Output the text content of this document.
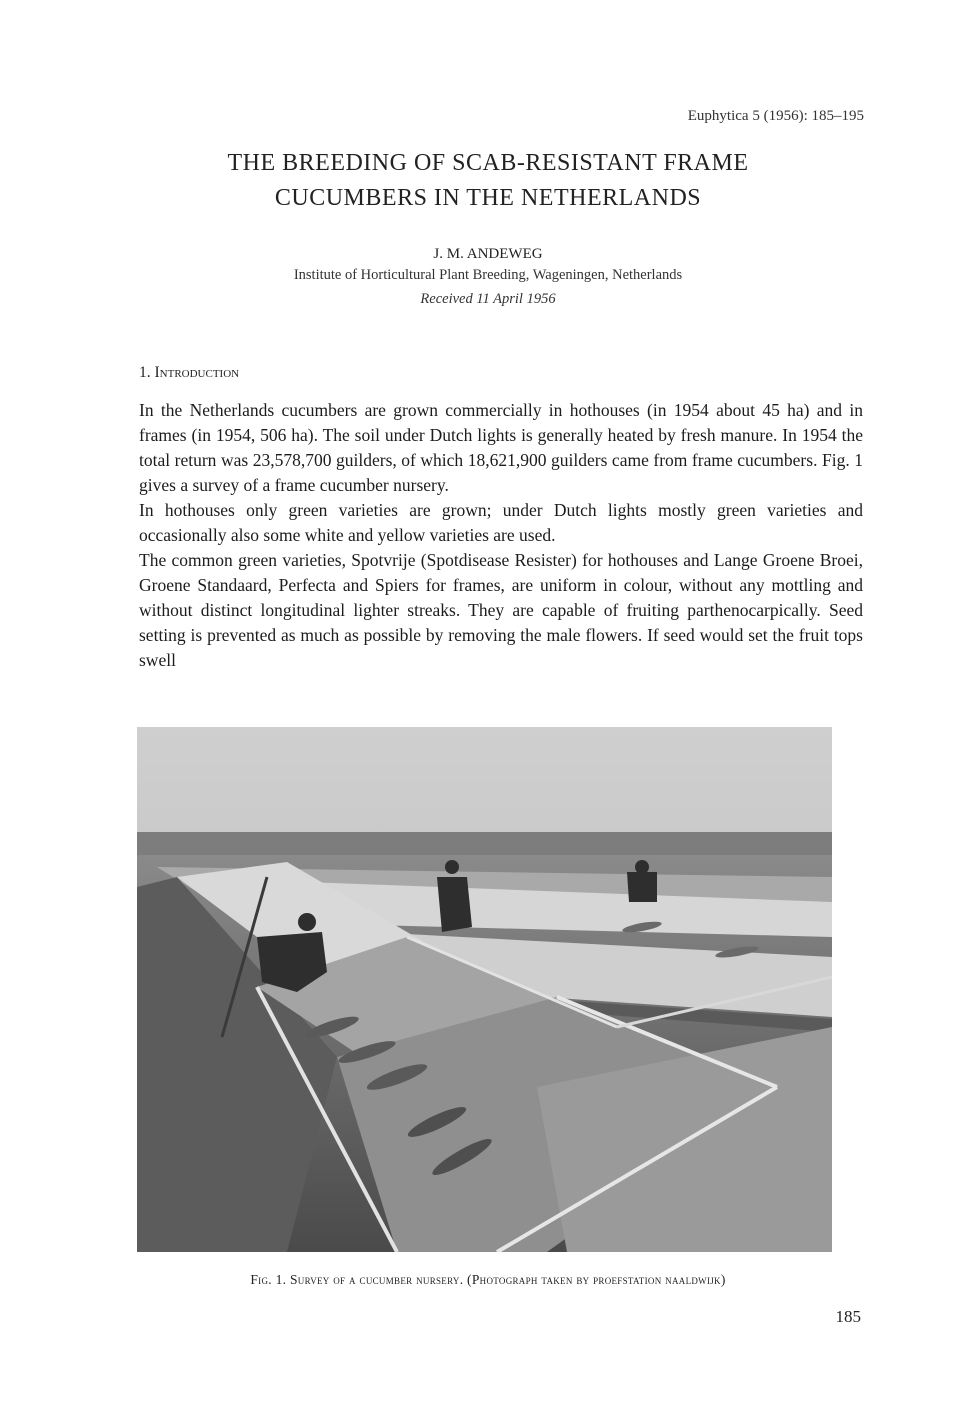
Euphytica 5 (1956): 185–195
THE BREEDING OF SCAB-RESISTANT FRAME
CUCUMBERS IN THE NETHERLANDS
J. M. ANDEWEG
Institute of Horticultural Plant Breeding, Wageningen, Netherlands
Received 11 April 1956
1. Introduction

In the Netherlands cucumbers are grown commercially in hothouses (in 1954 about 45 ha) and in frames (in 1954, 506 ha). The soil under Dutch lights is generally heated by fresh manure. In 1954 the total return was 23,578,700 guilders, of which 18,621,900 guilders came from frame cucumbers. Fig. 1 gives a survey of a frame cucumber nursery.

In hothouses only green varieties are grown; under Dutch lights mostly green varieties and occasionally also some white and yellow varieties are used.

The common green varieties, Spotvrije (Spotdisease Resister) for hothouses and Lange Groene Broei, Groene Standaard, Perfecta and Spiers for frames, are uniform in colour, without any mottling and without distinct longitudinal lighter streaks. They are capable of fruiting parthenocarpically. Seed setting is prevented as much as possible by removing the male flowers. If seed would set the fruit tops swell

Fig. 1. Survey of a cucumber nursery. (Photograph taken by proefstation naaldwijk)
185
